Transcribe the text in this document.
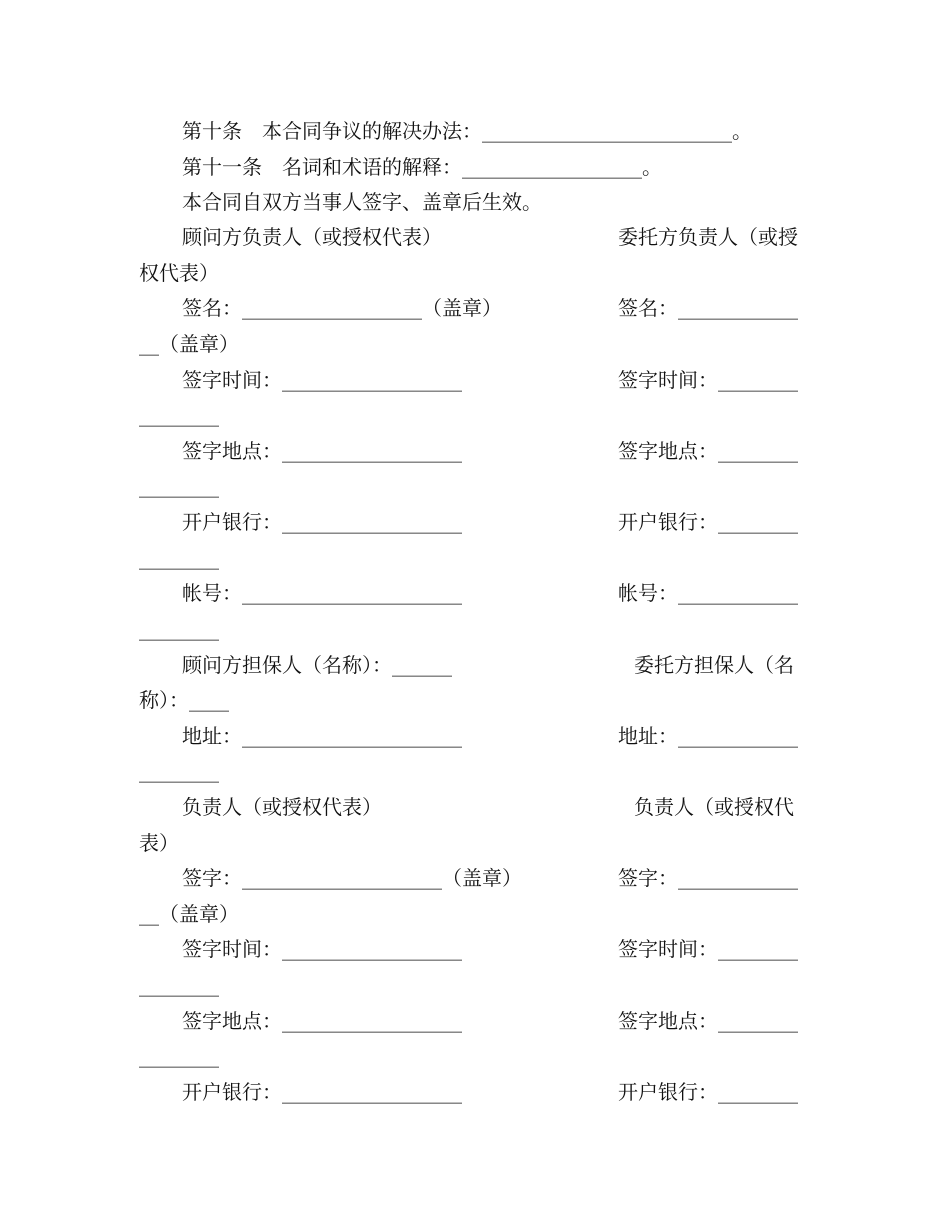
第十条　本合同争议的解决办法：_________________________。
第十一条　名词和术语的解释：__________________。
本合同自双方当事人签字、盖章后生效。
顾问方负责人（或授权代表）	委托方负责人（或授
权代表）
签名：__________________（盖章）	签名：____________
__（盖章）
签字时间：__________________	签字时间：________
________
签字地点：__________________	签字地点：________
________
开户银行：__________________	开户银行：________
________
帐号：______________________	帐号：____________
________
顾问方担保人（名称）：______	委托方担保人（名
称）：____
地址：______________________	地址：____________
________
负责人（或授权代表）	负责人（或授权代
表）
签字：____________________（盖章）	签字：____________
__（盖章）
签字时间：__________________	签字时间：________
________
签字地点：__________________	签字地点：________
________
开户银行：__________________	开户银行：________
